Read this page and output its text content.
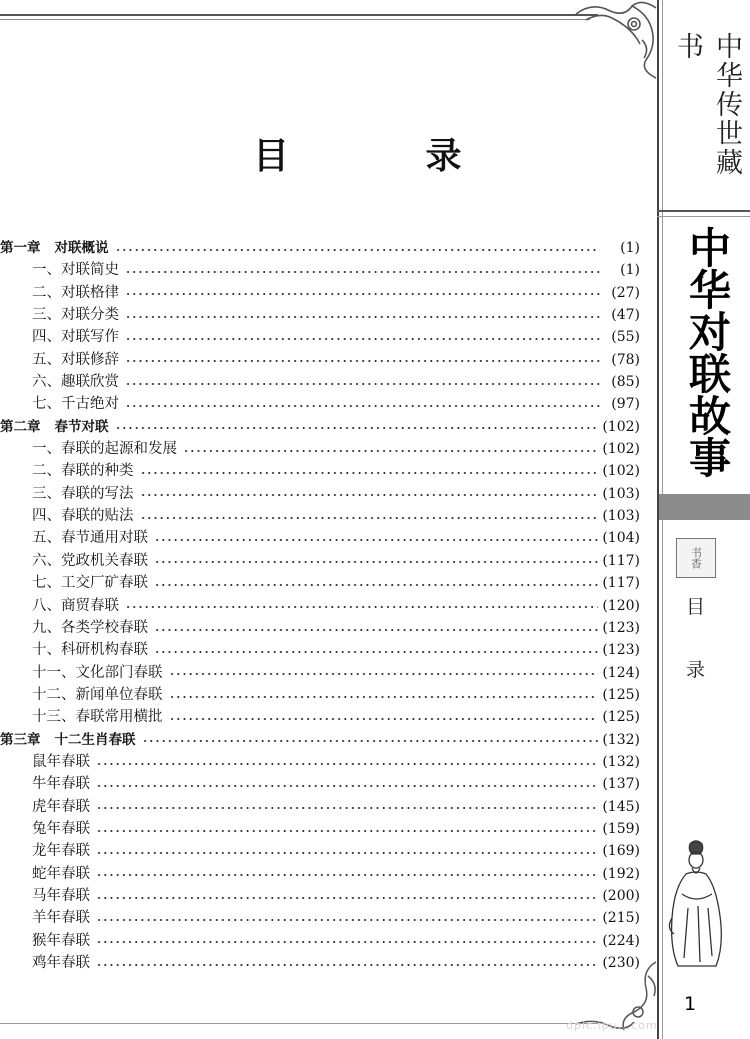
中华传世藏书
中华对联故事
书香
目
录
1
dpic.ipu...com
目 录
第一章 对联概说	(1)
一、对联简史	(1)
二、对联格律	(27)
三、对联分类	(47)
四、对联写作	(55)
五、对联修辞	(78)
六、趣联欣赏	(85)
七、千古绝对	(97)
第二章 春节对联	(102)
一、春联的起源和发展	(102)
二、春联的种类	(102)
三、春联的写法	(103)
四、春联的贴法	(103)
五、春节通用对联	(104)
六、党政机关春联	(117)
七、工交厂矿春联	(117)
八、商贸春联	(120)
九、各类学校春联	(123)
十、科研机构春联	(123)
十一、文化部门春联	(124)
十二、新闻单位春联	(125)
十三、春联常用横批	(125)
第三章 十二生肖春联	(132)
鼠年春联	(132)
牛年春联	(137)
虎年春联	(145)
兔年春联	(159)
龙年春联	(169)
蛇年春联	(192)
马年春联	(200)
羊年春联	(215)
猴年春联	(224)
鸡年春联	(230)
